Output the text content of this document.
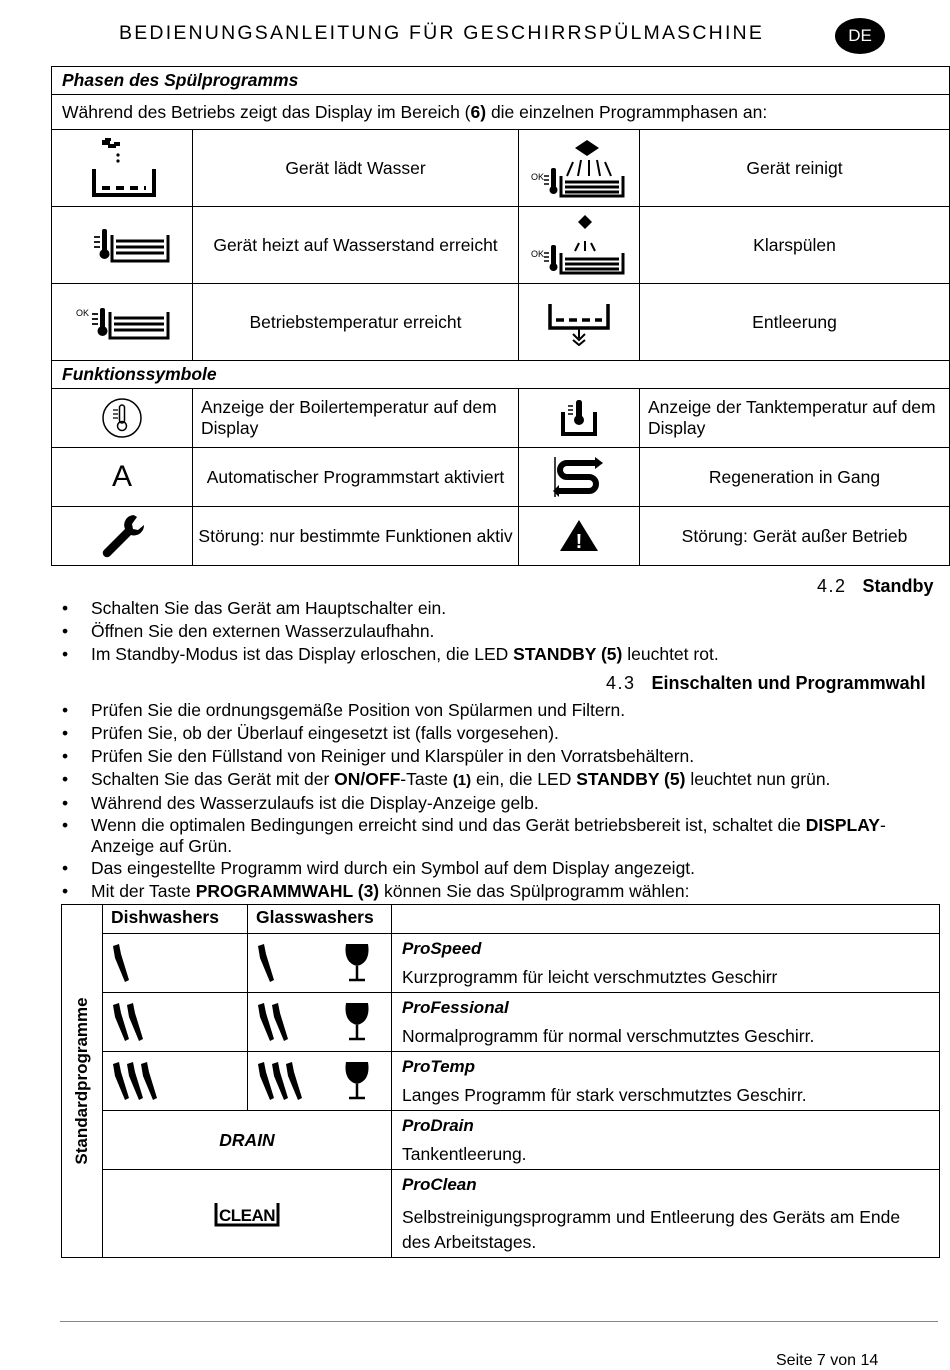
BEDIENUNGSANLEITUNG FÜR GESCHIRRSPÜLMASCHINE	DE
Phasen des Spülprogramms			
Während des Betriebs zeigt das Display im Bereich (6) die einzelnen Programmphasen an:			
	Gerät lädt Wasser	OK	Gerät reinigt
	Gerät heizt auf Wasserstand erreicht	OK	Klarspülen

OK	Betriebstemperatur erreicht		Entleerung
Funktionssymbole			
	Anzeige der Boilertemperatur auf dem Display		Anzeige der Tanktemperatur auf dem Display
A	Automatischer Programmstart aktiviert		Regeneration in Gang
	Störung: nur bestimmte Funktionen aktiv	!	Störung: Gerät außer Betrieb
4.2 Standby
• Schalten Sie das Gerät am Hauptschalter ein.
• Öffnen Sie den externen Wasserzulaufhahn.
• Im Standby-Modus ist das Display erloschen, die LED STANDBY (5) leuchtet rot.
4.3 Einschalten und Programmwahl
• Prüfen Sie die ordnungsgemäße Position von Spülarmen und Filtern.
• Prüfen Sie, ob der Überlauf eingesetzt ist (falls vorgesehen).
• Prüfen Sie den Füllstand von Reiniger und Klarspüler in den Vorratsbehältern.
• Schalten Sie das Gerät mit der ON/OFF-Taste (1) ein, die LED STANDBY (5) leuchtet nun grün.
• Während des Wasserzulaufs ist die Display-Anzeige gelb.
• Wenn die optimalen Bedingungen erreicht sind und das Gerät betriebsbereit ist, schaltet die DISPLAY-Anzeige auf Grün.
• Das eingestellte Programm wird durch ein Symbol auf dem Display angezeigt.
• Mit der Taste PROGRAMMWAHL (3) können Sie das Spülprogramm wählen:
Standardprogramme	Dishwashers	Glasswashers	

ProSpeed
Kurzprogramm für leicht verschmutztes Geschirr

ProFessional
Normalprogramm für normal verschmutztes Geschirr.

ProTemp
Langes Programm für stark verschmutztes Geschirr.
	DRAIN		ProDrain
Tankentleerung.

CLEAN		ProClean
Selbstreinigungsprogramm und Entleerung des Geräts am Ende des Arbeitstages.
Seite 7 von 14
